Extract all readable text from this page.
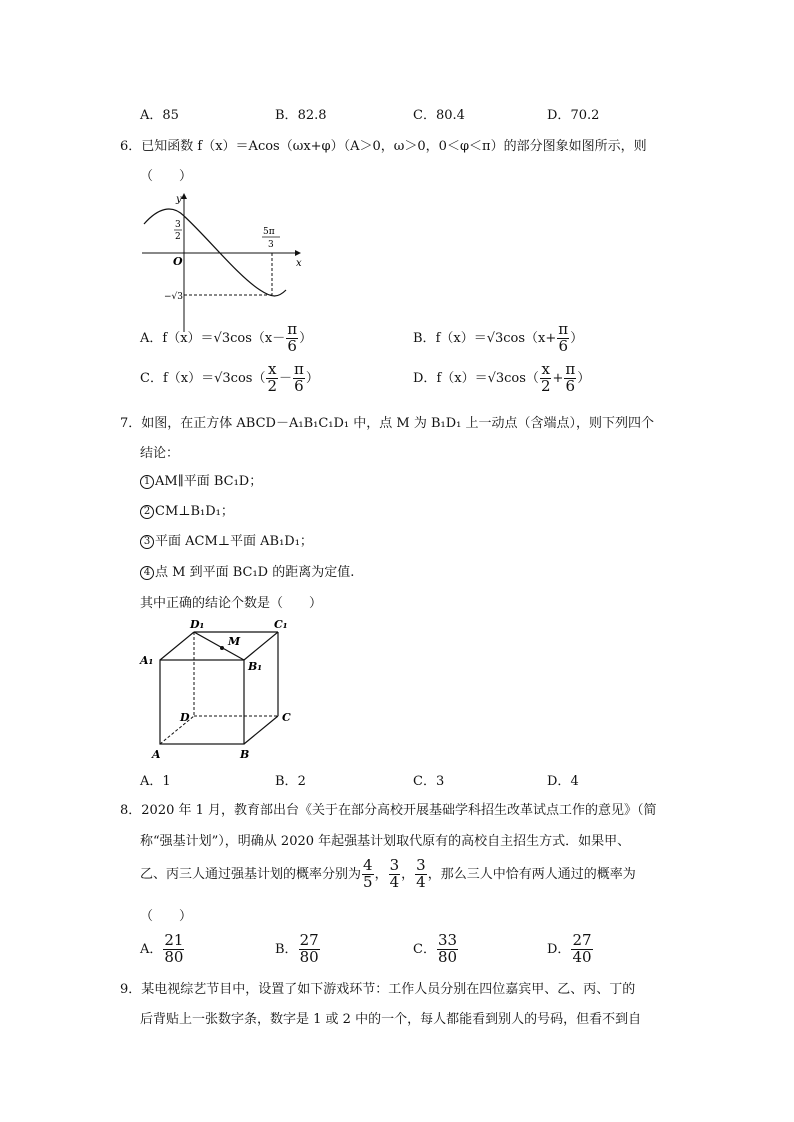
A．85	B．82.8	C．80.4	D．70.2
6．已知函数 f（x）＝Acos（ωx+φ）（A＞0，ω＞0，0＜φ＜π）的部分图象如图所示，则
（　　）
y
x
O
3
2	5π
3
−√3
A．$f(x)=√3\cos(x- \frac{\pi}{6}$ ）	B．$f(x)=√3\cos(x+ \frac{\pi}{6}$ ）
C．$f(x)=√3\cos( \frac{x}{2} - \frac{\pi}{6}$ ）	D．$f(x)=√3\cos( \frac{x}{2} + \frac{\pi}{6}$ ）
7．如图，在正方体 ABCD－A₁B₁C₁D₁ 中，点 M 为 B₁D₁ 上一动点（含端点），则下列四个
结论：
1 AM∥平面 BC₁D；
2 CM⊥B₁D₁；
3 平面 ACM⊥平面 AB₁D₁；
4 点 M 到平面 BC₁D 的距离为定值.
其中正确的结论个数是（　　）
D₁	C₁
M
A₁	B₁
D	C
A	B
A．1	B．2	C．3	D．4
8．2020 年 1 月，教育部出台《关于在部分高校开展基础学科招生改革试点工作的意见》（简
称“强基计划”），明确从 2020 年起强基计划取代原有的高校自主招生方式．如果甲、
乙、丙三人通过强基计划的概率分别为 $\frac{4}{5}$ ， $\frac{3}{4}$ ， $\frac{3}{4}$ ，那么三人中恰有两人通过的概率为
（　　）
A． $\frac{21}{80}$	B． $\frac{27}{80}$	C． $\frac{33}{80}$	D． $\frac{27}{40}$
9．某电视综艺节目中，设置了如下游戏环节：工作人员分别在四位嘉宾甲、乙、丙、丁的
后背贴上一张数字条，数字是 1 或 2 中的一个，每人都能看到别人的号码，但看不到自
